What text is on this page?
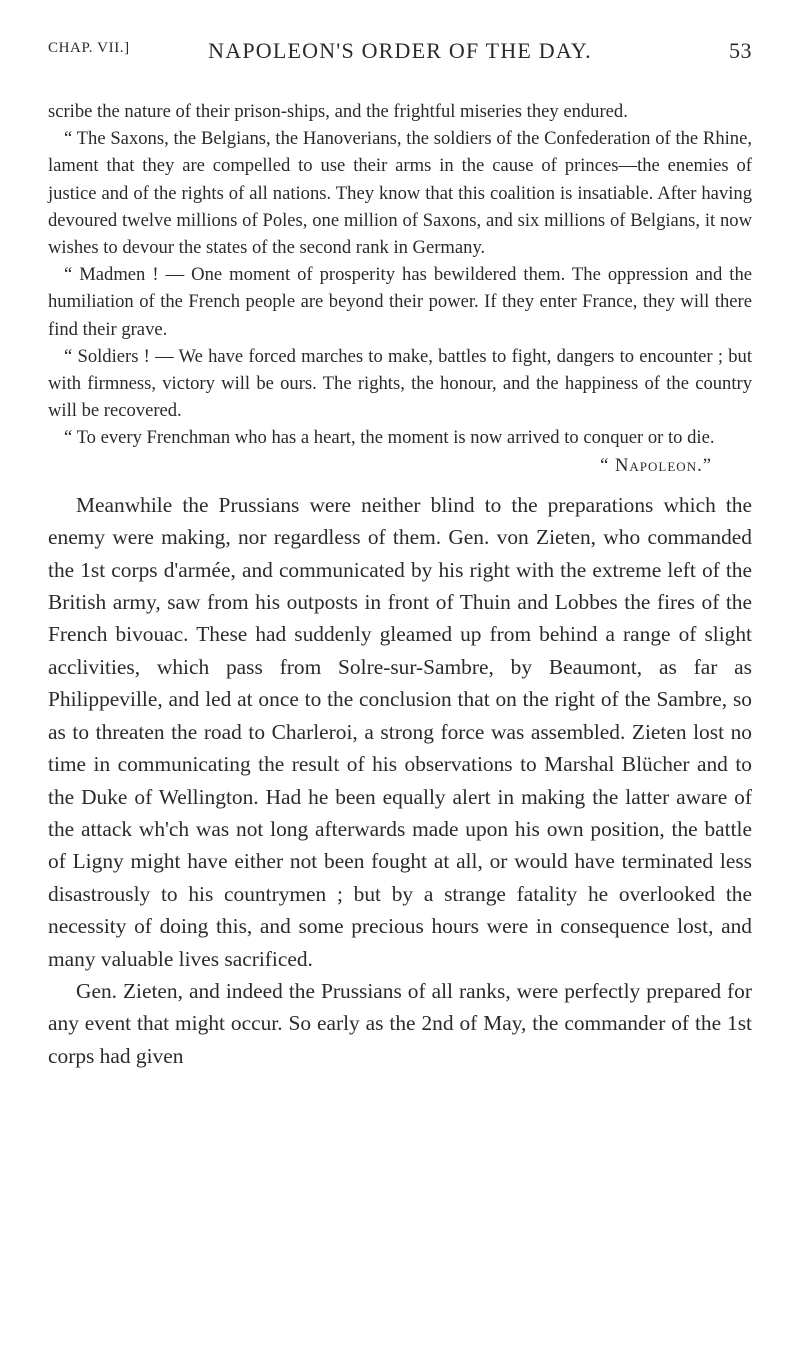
CHAP. VII.]	NAPOLEON'S ORDER OF THE DAY.	53

scribe the nature of their prison-ships, and the frightful miseries they endured.

“ The Saxons, the Belgians, the Hanoverians, the soldiers of the Confederation of the Rhine, lament that they are compelled to use their arms in the cause of princes—the enemies of justice and of the rights of all nations. They know that this coalition is insatiable. After having devoured twelve millions of Poles, one million of Saxons, and six millions of Belgians, it now wishes to devour the states of the second rank in Germany.

“ Madmen ! — One moment of prosperity has bewildered them. The oppression and the humiliation of the French people are beyond their power. If they enter France, they will there find their grave.

“ Soldiers ! — We have forced marches to make, battles to fight, dangers to encounter ; but with firmness, victory will be ours. The rights, the honour, and the happiness of the country will be recovered.

“ To every Frenchman who has a heart, the moment is now arrived to conquer or to die.

“ Napoleon.”

Meanwhile the Prussians were neither blind to the preparations which the enemy were making, nor regardless of them. Gen. von Zieten, who commanded the 1st corps d'armée, and communicated by his right with the extreme left of the British army, saw from his outposts in front of Thuin and Lobbes the fires of the French bivouac. These had suddenly gleamed up from behind a range of slight acclivities, which pass from Solre-sur-Sambre, by Beaumont, as far as Philippeville, and led at once to the conclusion that on the right of the Sambre, so as to threaten the road to Charleroi, a strong force was assembled. Zieten lost no time in communicating the result of his observations to Marshal Blücher and to the Duke of Wellington. Had he been equally alert in making the latter aware of the attack wh'ch was not long afterwards made upon his own position, the battle of Ligny might have either not been fought at all, or would have terminated less disastrously to his countrymen ; but by a strange fatality he overlooked the necessity of doing this, and some precious hours were in consequence lost, and many valuable lives sacrificed.

Gen. Zieten, and indeed the Prussians of all ranks, were perfectly prepared for any event that might occur. So early as the 2nd of May, the commander of the 1st corps had given
